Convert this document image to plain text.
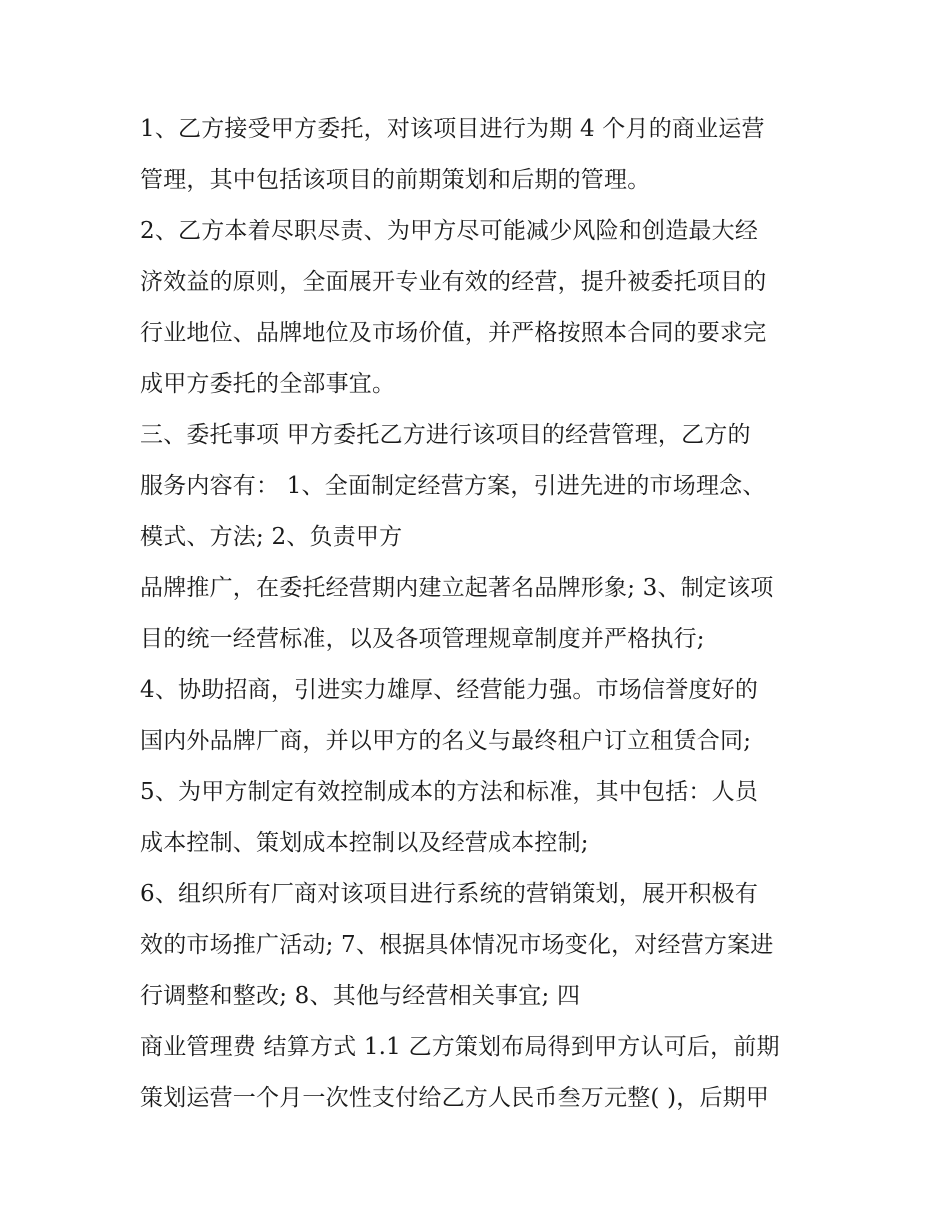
1、乙方接受甲方委托，对该项目进行为期 4 个月的商业运营
管理，其中包括该项目的前期策划和后期的管理。
2、乙方本着尽职尽责、为甲方尽可能减少风险和创造最大经
济效益的原则，全面展开专业有效的经营，提升被委托项目的
行业地位、品牌地位及市场价值，并严格按照本合同的要求完
成甲方委托的全部事宜。
三、委托事项 甲方委托乙方进行该项目的经营管理，乙方的
服务内容有： 1、全面制定经营方案，引进先进的市场理念、
模式、方法; 2、负责甲方
品牌推广，在委托经营期内建立起著名品牌形象; 3、制定该项
目的统一经营标准，以及各项管理规章制度并严格执行;
4、协助招商，引进实力雄厚、经营能力强。市场信誉度好的
国内外品牌厂商，并以甲方的名义与最终租户订立租赁合同;
5、为甲方制定有效控制成本的方法和标准，其中包括：人员
成本控制、策划成本控制以及经营成本控制;
6、组织所有厂商对该项目进行系统的营销策划，展开积极有
效的市场推广活动; 7、根据具体情况市场变化，对经营方案进
行调整和整改; 8、其他与经营相关事宜; 四
商业管理费 结算方式 1.1 乙方策划布局得到甲方认可后，前期
策划运营一个月一次性支付给乙方人民币叁万元整( )，后期甲
